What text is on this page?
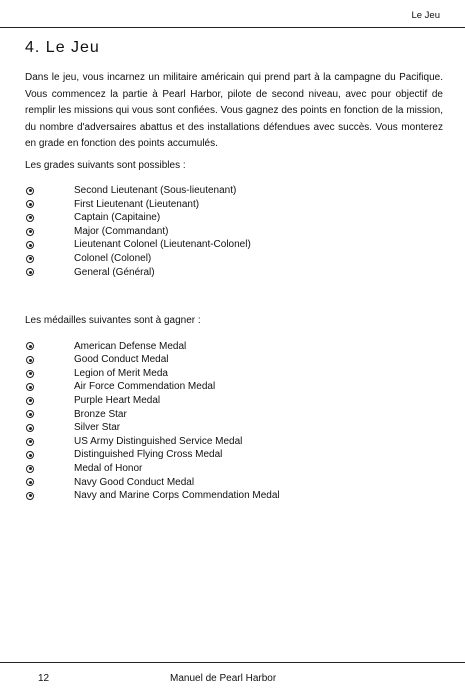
Le Jeu
4. Le Jeu

Dans le jeu, vous incarnez un militaire américain qui prend part à la campagne du Pacifique. Vous commencez la partie à Pearl Harbor, pilote de second niveau, avec pour objectif de remplir les missions qui vous sont confiées. Vous gagnez des points en fonction de la mission, du nombre d'adversaires abattus et des installations défendues avec succès. Vous monterez en grade en fonction des points accumulés.

Les grades suivants sont possibles :

Second Lieutenant (Sous-lieutenant)
First Lieutenant (Lieutenant)
Captain (Capitaine)
Major (Commandant)
Lieutenant Colonel (Lieutenant-Colonel)
Colonel (Colonel)
General (Général)

Les médailles suivantes sont à gagner :

American Defense Medal
Good Conduct Medal
Legion of Merit Meda
Air Force Commendation Medal
Purple Heart Medal
Bronze Star
Silver Star
US Army Distinguished Service Medal
Distinguished Flying Cross Medal
Medal of Honor
Navy Good Conduct Medal
Navy and Marine Corps Commendation Medal
12	Manuel de Pearl Harbor
